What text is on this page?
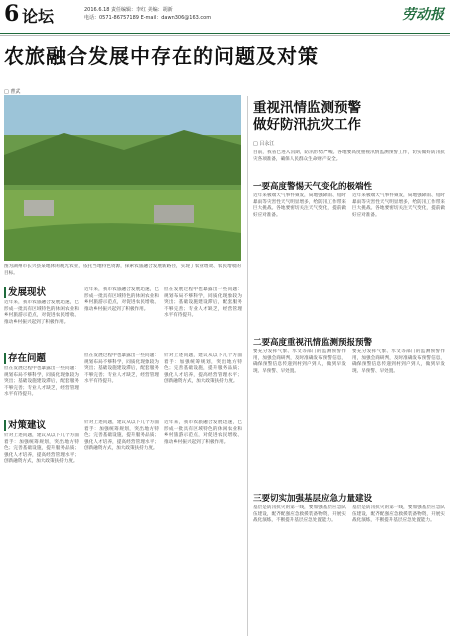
6 论坛	2016.6.18 责任编辑：李红 美编：胡新
电话：0571-86757189 E-mail：dawn306@163.com	劳动报
农旅融合发展中存在的问题及对策
□ 曹武
图为湖州市长兴县某地休闲观光农业，依托当地特色资源，探索农旅融合发展新路径，实现了农业增效、农民增收的目标。
发展现状
近年来，我市农旅融合发展迅速，已形成一批具有区域特色的休闲农业和乡村旅游示范点，对促进农民增收、推动乡村振兴起到了积极作用。
近年来，我市农旅融合发展迅速，已形成一批具有区域特色的休闲农业和乡村旅游示范点，对促进农民增收、推动乡村振兴起到了积极作用。
但在发展过程中也暴露出一些问题：规划布局不够科学，同质化现象较为突出；基础设施建设滞后，配套服务不够完善；专业人才缺乏，经营管理水平有待提升。
存在问题
但在发展过程中也暴露出一些问题：规划布局不够科学，同质化现象较为突出；基础设施建设滞后，配套服务不够完善；专业人才缺乏，经营管理水平有待提升。
但在发展过程中也暴露出一些问题：规划布局不够科学，同质化现象较为突出；基础设施建设滞后，配套服务不够完善；专业人才缺乏，经营管理水平有待提升。
针对上述问题，建议从以下几个方面着手：加强统筹规划，突出地方特色；完善基础设施，提升服务品质；强化人才培养，提高经营管理水平；创新融资方式，加大政策扶持力度。
对策建议
针对上述问题，建议从以下几个方面着手：加强统筹规划，突出地方特色；完善基础设施，提升服务品质；强化人才培养，提高经营管理水平；创新融资方式，加大政策扶持力度。
针对上述问题，建议从以下几个方面着手：加强统筹规划，突出地方特色；完善基础设施，提升服务品质；强化人才培养，提高经营管理水平；创新融资方式，加大政策扶持力度。
近年来，我市农旅融合发展迅速，已形成一批具有区域特色的休闲农业和乡村旅游示范点，对促进农民增收、推动乡村振兴起到了积极作用。
重视汛情监测预警
做好防汛抗灾工作
□ 吕永江
目前，我省已进入汛期，防汛形势严峻。各地要高度重视汛情监测预警工作，切实做好防汛抗灾各项准备，确保人民群众生命财产安全。
一要高度警惕天气变化的极端性
近年来极端天气事件频发，局地强降雨、短时暴雨等灾害性天气明显增多，给防汛工作带来巨大挑战。各地要密切关注天气变化，提前做好应对准备。
近年来极端天气事件频发，局地强降雨、短时暴雨等灾害性天气明显增多，给防汛工作带来巨大挑战。各地要密切关注天气变化，提前做好应对准备。
二要高度重视汛情监测预报预警
要充分发挥气象、水文等部门的监测预警作用，加强会商研判，及时准确发布预警信息，确保预警信息传递到村到户到人，做到早发现、早预警、早处置。
要充分发挥气象、水文等部门的监测预警作用，加强会商研判，及时准确发布预警信息，确保预警信息传递到村到户到人，做到早发现、早预警、早处置。
三要切实加强基层应急力量建设
基层是防汛抗灾的第一线，要加强基层应急队伍建设，配齐配强应急救援装备物资，开展实战化演练，不断提升基层应急处置能力。
基层是防汛抗灾的第一线，要加强基层应急队伍建设，配齐配强应急救援装备物资，开展实战化演练，不断提升基层应急处置能力。
